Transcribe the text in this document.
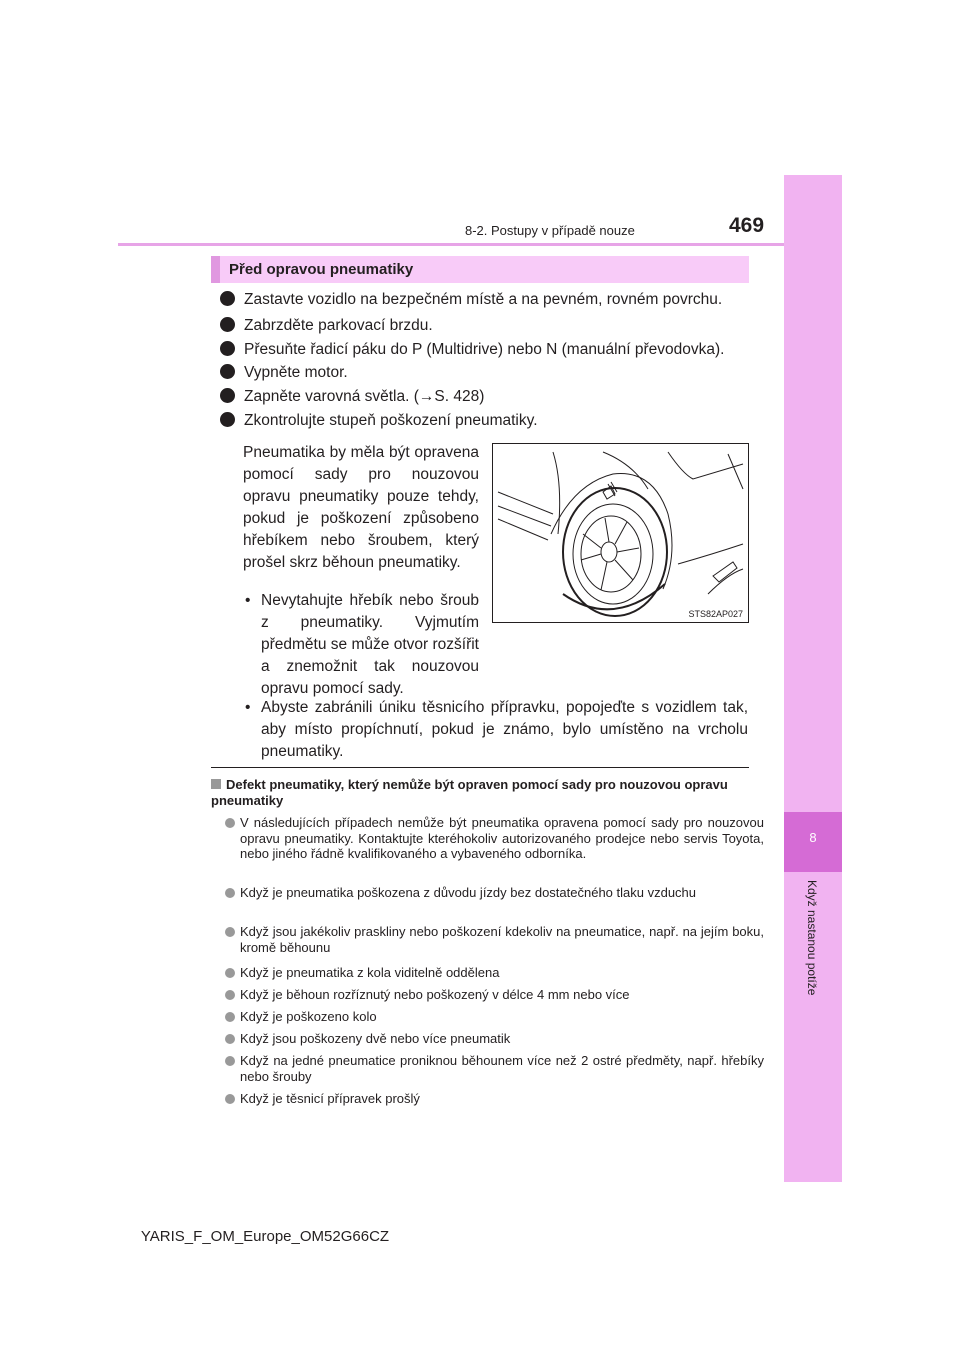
8
Když nastanou potíže
8-2. Postupy v případě nouze	469
Před opravou pneumatiky
Zastavte vozidlo na bezpečném místě a na pevném, rovném povrchu.
Zabrzděte parkovací brzdu.
Přesuňte řadicí páku do P (Multidrive) nebo N (manuální převodovka).
Vypněte motor.
Zapněte varovná světla. (→S. 428)
Zkontrolujte stupeň poškození pneumatiky.
Pneumatika by měla být opravena pomocí sady pro nouzovou opravu pneumatiky pouze tehdy, pokud je poškození způsobeno hřebíkem nebo šroubem, který prošel skrz běhoun pneumatiky.
• Nevytahujte hřebík nebo šroub z pneumatiky. Vyjmutím předmětu se může otvor rozšířit a znemožnit tak nouzovou opravu pomocí sady.
• Abyste zabránili úniku těsnicího přípravku, popojeďte s vozidlem tak, aby místo propíchnutí, pokud je známo, bylo umístěno na vrcholu pneumatiky.
STS82AP027
Defekt pneumatiky, který nemůže být opraven pomocí sady pro nouzovou opravu pneumatiky
V následujících případech nemůže být pneumatika opravena pomocí sady pro nouzovou opravu pneumatiky. Kontaktujte kteréhokoliv autorizovaného prodejce nebo servis Toyota, nebo jiného řádně kvalifikovaného a vybaveného odborníka.
Když je pneumatika poškozena z důvodu jízdy bez dostatečného tlaku vzduchu
Když jsou jakékoliv praskliny nebo poškození kdekoliv na pneumatice, např. na jejím boku, kromě běhounu
Když je pneumatika z kola viditelně oddělena
Když je běhoun rozříznutý nebo poškozený v délce 4 mm nebo více
Když je poškozeno kolo
Když jsou poškozeny dvě nebo více pneumatik
Když na jedné pneumatice proniknou běhounem více než 2 ostré předměty, např. hřebíky nebo šrouby
Když je těsnicí přípravek prošlý
YARIS_F_OM_Europe_OM52G66CZ
